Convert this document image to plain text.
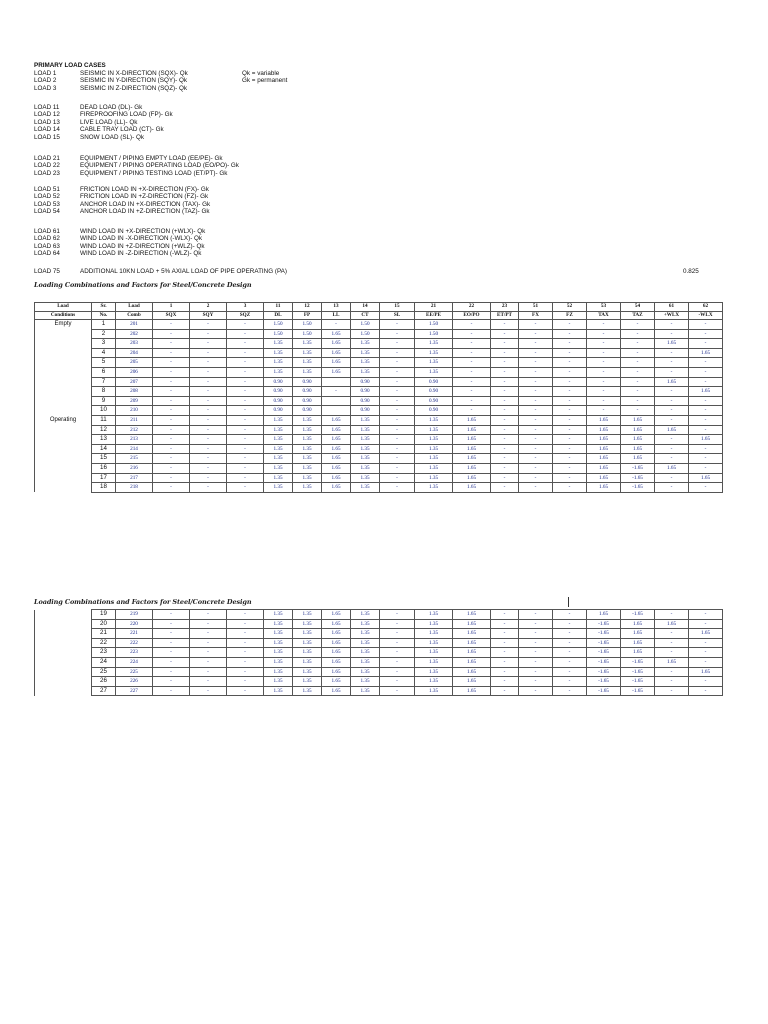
PRIMARY LOAD CASES
LOAD 1	SEISMIC IN X-DIRECTION (SQX)- Qk	Qk = variable
LOAD 2	SEISMIC IN Y-DIRECTION (SQY)- Qk	Gk = permanent
LOAD 3	SEISMIC IN Z-DIRECTION (SQZ)- Qk
LOAD 11	DEAD LOAD (DL)- Gk
LOAD 12	FIREPROOFING LOAD (FP)- Gk
LOAD 13	LIVE LOAD (LL)- Qk
LOAD 14	CABLE TRAY LOAD (CT)- Gk
LOAD 15	SNOW LOAD (SL)- Qk
LOAD 21	EQUIPMENT / PIPING EMPTY LOAD (EE/PE)- Gk
LOAD 22	EQUIPMENT / PIPING OPERATING LOAD (EO/PO)- Gk
LOAD 23	EQUIPMENT / PIPING TESTING LOAD (ET/PT)- Gk
LOAD 51	FRICTION LOAD IN +X-DIRECTION (FX)- Gk
LOAD 52	FRICTION LOAD IN +Z-DIRECTION (FZ)- Gk
LOAD 53	ANCHOR LOAD IN +X-DIRECTION (TAX)- Gk
LOAD 54	ANCHOR LOAD IN +Z-DIRECTION (TAZ)- Gk
LOAD 61	WIND LOAD IN +X-DIRECTION (+WLX)- Qk
LOAD 62	WIND LOAD IN -X-DIRECTION (-WLX)- Qk
LOAD 63	WIND LOAD IN +Z-DIRECTION (+WLZ)- Qk
LOAD 64	WIND LOAD IN -Z-DIRECTION (-WLZ)- Qk
LOAD 75	ADDITIONAL 10KN LOAD + 5% AXIAL LOAD OF PIPE OPERATING (PA)	0.825
Loading Combinations and Factors for Steel/Concrete Design
Load	Sr.	Load	1	2	3	11	12	13	14	15	21	22	23	51	52	53	54	61	62
Conditions	No.	Comb	SQX	SQY	SQZ	DL	FP	LL	CT	SL	EE/PE	EO/PO	ET/PT	FX	FZ	TAX	TAZ	+WLX	-WLX
Empty	1	201	-	-	-	1.50	1.50	-	1.50	-	1.50	-	-	-	-	-	-	-	-
	2	202	-	-	-	1.50	1.50	1.65	1.50	-	1.50	-	-	-	-	-	-	-	-
	3	203	-	-	-	1.35	1.35	1.65	1.35	-	1.35	-	-	-	-	-	-	1.65	-
	4	204	-	-	-	1.35	1.35	1.65	1.35	-	1.35	-	-	-	-	-	-	-	1.65
	5	205	-	-	-	1.35	1.35	1.65	1.35	-	1.35	-	-	-	-	-	-	-	-
	6	206	-	-	-	1.35	1.35	1.65	1.35	-	1.35	-	-	-	-	-	-	-	-
	7	207	-	-	-	0.90	0.90		0.90	-	0.90	-	-	-	-	-	-	1.65	-
	8	208	-	-	-	0.90	0.90	-	0.90	-	0.90	-	-	-	-	-	-	-	1.65
	9	209	-	-	-	0.90	0.90		0.90	-	0.90	-	-	-	-	-	-	-	-
	10	210	-	-	-	0.90	0.90		0.90	-	0.90	-	-	-	-	-	-	-	-
Operating	11	211	-	-	-	1.35	1.35	1.65	1.35	-	1.35	1.65	-	-	-	1.65	1.65	-	-
	12	212	-	-	-	1.35	1.35	1.65	1.35	-	1.35	1.65	-	-	-	1.65	1.65	1.65	-
	13	213	-	-	-	1.35	1.35	1.65	1.35	-	1.35	1.65	-	-	-	1.65	1.65	-	1.65
	14	214	-	-	-	1.35	1.35	1.65	1.35	-	1.35	1.65	-	-	-	1.65	1.65	-	-
	15	215	-	-	-	1.35	1.35	1.65	1.35	-	1.35	1.65	-	-	-	1.65	1.65	-	-
	16	216	-	-	-	1.35	1.35	1.65	1.35	-	1.35	1.65	-	-	-	1.65	-1.65	1.65	-
	17	217	-	-	-	1.35	1.35	1.65	1.35	-	1.35	1.65	-	-	-	1.65	-1.65	-	1.65
	18	218	-	-	-	1.35	1.35	1.65	1.35	-	1.35	1.65	-	-	-	1.65	-1.65	-	-
Loading Combinations and Factors for Steel/Concrete Design
	19	219	-	-	-	1.35	1.35	1.65	1.35	-	1.35	1.65	-	-	-	1.65	-1.65	-	-
	20	220	-	-	-	1.35	1.35	1.65	1.35	-	1.35	1.65	-	-	-	-1.65	1.65	1.65	-
	21	221	-	-	-	1.35	1.35	1.65	1.35	-	1.35	1.65	-	-	-	-1.65	1.65	-	1.65
	22	222	-	-	-	1.35	1.35	1.65	1.35	-	1.35	1.65	-	-	-	-1.65	1.65	-	-
	23	223	-	-	-	1.35	1.35	1.65	1.35	-	1.35	1.65	-	-	-	-1.65	1.65	-	-
	24	224	-	-	-	1.35	1.35	1.65	1.35	-	1.35	1.65	-	-	-	-1.65	-1.65	1.65	-
	25	225	-	-	-	1.35	1.35	1.65	1.35	-	1.35	1.65	-	-	-	-1.65	-1.65	-	1.65
	26	226	-	-	-	1.35	1.35	1.65	1.35	-	1.35	1.65	-	-	-	-1.65	-1.65	-	-
	27	227	-	-	-	1.35	1.35	1.65	1.35	-	1.35	1.65	-	-	-	-1.65	-1.65	-	-
